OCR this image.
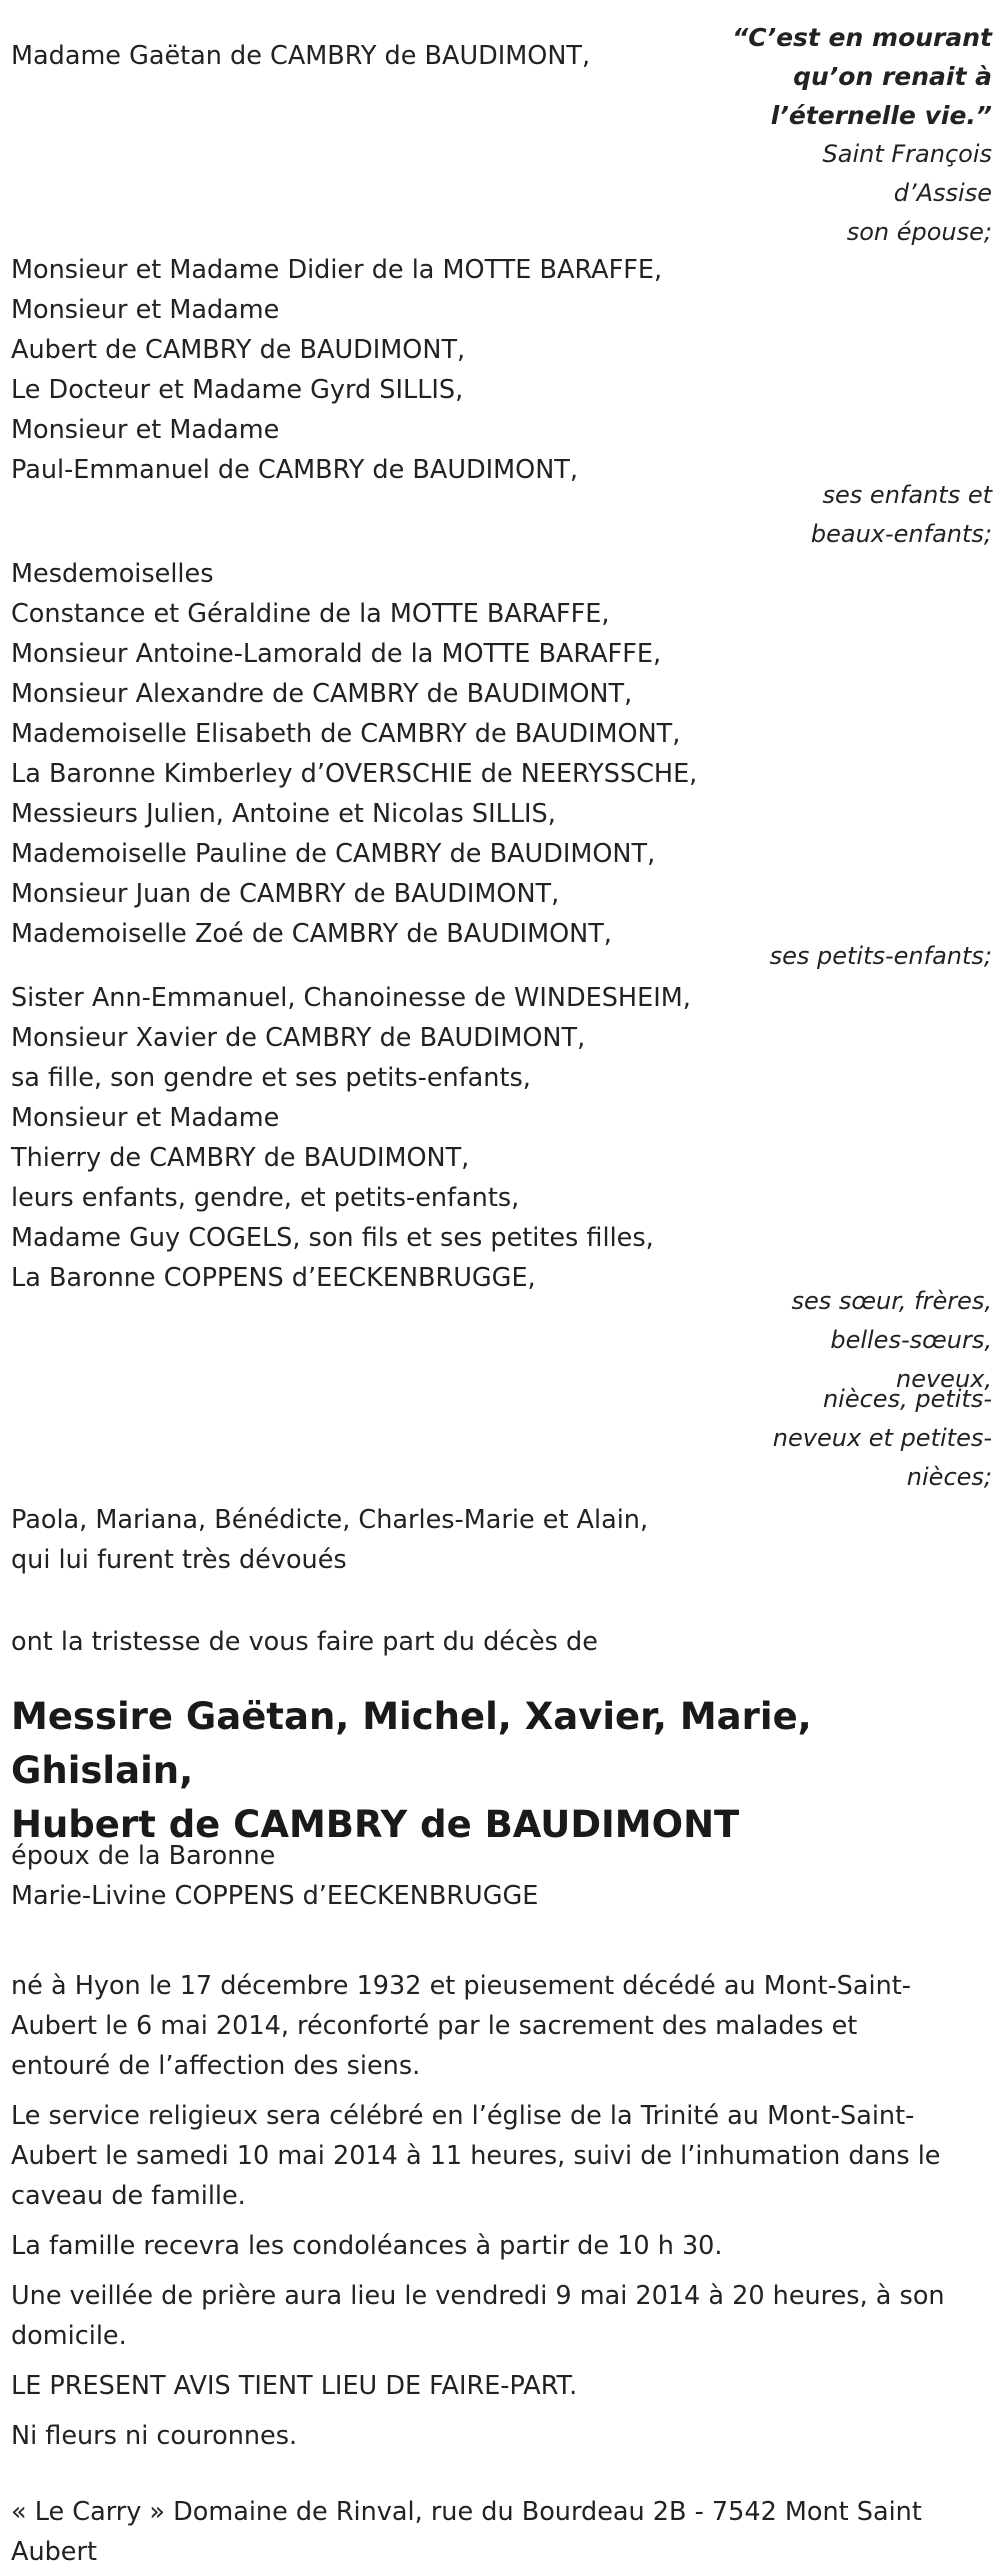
Madame Gaëtan de CAMBRY de BAUDIMONT,
“C’est en mourant
qu’on renait à
l’éternelle vie.”
Saint François
d’Assise
son épouse;
Monsieur et Madame Didier de la MOTTE BARAFFE,
Monsieur et Madame
Aubert de CAMBRY de BAUDIMONT,
Le Docteur et Madame Gyrd SILLIS,
Monsieur et Madame
Paul-Emmanuel de CAMBRY de BAUDIMONT,
ses enfants et
beaux-enfants;
Mesdemoiselles
Constance et Géraldine de la MOTTE BARAFFE,
Monsieur Antoine-Lamorald de la MOTTE BARAFFE,
Monsieur Alexandre de CAMBRY de BAUDIMONT,
Mademoiselle Elisabeth de CAMBRY de BAUDIMONT,
La Baronne Kimberley d’OVERSCHIE de NEERYSSCHE,
Messieurs Julien, Antoine et Nicolas SILLIS,
Mademoiselle Pauline de CAMBRY de BAUDIMONT,
Monsieur Juan de CAMBRY de BAUDIMONT,
Mademoiselle Zoé de CAMBRY de BAUDIMONT,
ses petits-enfants;
Sister Ann-Emmanuel, Chanoinesse de WINDESHEIM,
Monsieur Xavier de CAMBRY de BAUDIMONT,
sa fille, son gendre et ses petits-enfants,
Monsieur et Madame
Thierry de CAMBRY de BAUDIMONT,
leurs enfants, gendre, et petits-enfants,
Madame Guy COGELS, son fils et ses petites filles,
La Baronne COPPENS d’EECKENBRUGGE,
ses sœur, frères,
belles-sœurs,
neveux,
nièces, petits-
neveux et petites-
nièces;
Paola, Mariana, Bénédicte, Charles-Marie et Alain,
qui lui furent très dévoués
ont la tristesse de vous faire part du décès de
Messire Gaëtan, Michel, Xavier, Marie, Ghislain,
Hubert de CAMBRY de BAUDIMONT
époux de la Baronne
Marie-Livine COPPENS d’EECKENBRUGGE
né à Hyon le 17 décembre 1932 et pieusement décédé au Mont-Saint-
Aubert le 6 mai 2014, réconforté par le sacrement des malades et
entouré de l’affection des siens.
Le service religieux sera célébré en l’église de la Trinité au Mont-Saint-
Aubert le samedi 10 mai 2014 à 11 heures, suivi de l’inhumation dans le
caveau de famille.
La famille recevra les condoléances à partir de 10 h 30.
Une veillée de prière aura lieu le vendredi 9 mai 2014 à 20 heures, à son
domicile.
LE PRESENT AVIS TIENT LIEU DE FAIRE-PART.
Ni fleurs ni couronnes.
« Le Carry » Domaine de Rinval, rue du Bourdeau 2B - 7542 Mont Saint
Aubert
